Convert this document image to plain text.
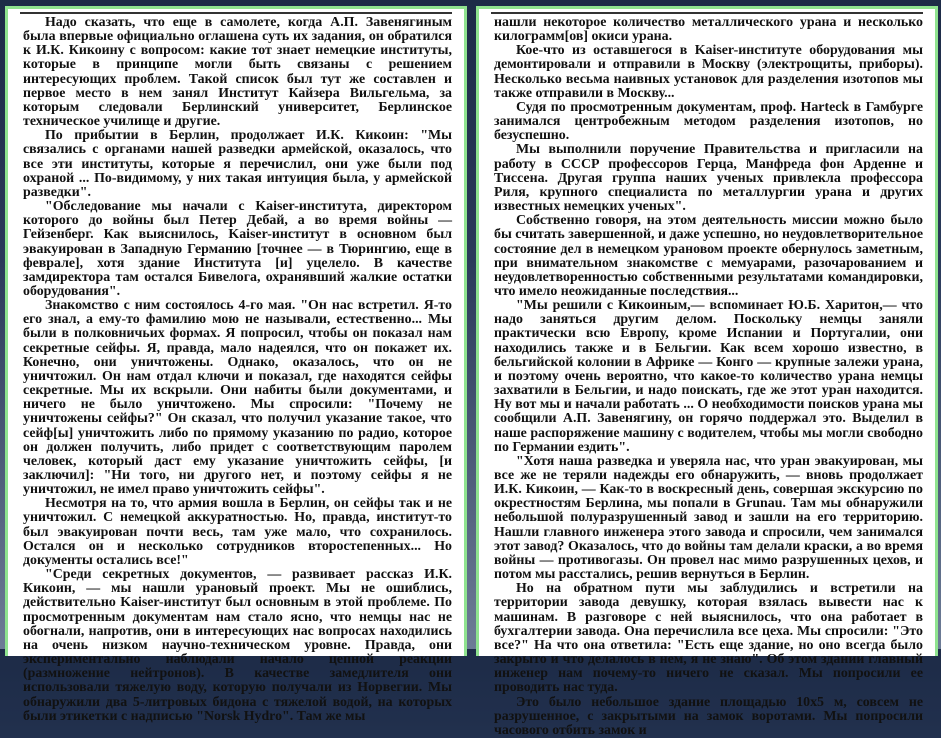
Надо сказать, что еще в самолете, когда А.П. Завенягиным была впервые официально оглашена суть их задания, он обратился к И.К. Кикоину с вопросом: какие тот знает немецкие институты, которые в принципе могли быть связаны с решением интересующих проблем. Такой список был тут же составлен и первое место в нем занял Институт Кайзера Вильгельма, за которым следовали Берлинский университет, Берлинское техническое училище и другие.

По прибытии в Берлин, продолжает И.К. Кикоин: "Мы связались с органами нашей разведки армейской, оказалось, что все эти институты, которые я перечислил, они уже были под охраной ... По-видимому, у них такая интуиция была, у армейской разведки".

"Обследование мы начали с Kaiser-института, директором которого до войны был Петер Дебай, а во время войны — Гейзенберг. Как выяснилось, Kaiser-институт в основном был эвакуирован в Западную Германию [точнее — в Тюрингию, еще в феврале], хотя здание Института [и] уцелело. В качестве замдиректора там остался Бивелога, охранявший жалкие остатки оборудования".

Знакомство с ним состоялось 4-го мая. "Он нас встретил. Я-то его знал, а ему-то фамилию мою не называли, естественно... Мы были в полковничьих формах. Я попросил, чтобы он показал нам секретные сейфы. Я, правда, мало надеялся, что он покажет их. Конечно, они уничтожены. Однако, оказалось, что он не уничтожил. Он нам отдал ключи и показал, где находятся сейфы секретные. Мы их вскрыли. Они набиты были документами, и ничего не было уничтожено. Мы спросили: "Почему не уничтожены сейфы?" Он сказал, что получил указание такое, что сейф[ы] уничтожить либо по прямому указанию по радио, которое он должен получить, либо придет с соответствующим паролем человек, который даст ему указание уничтожить сейфы, [и заключил]: "Ни того, ни другого нет, и поэтому сейфы я не уничтожил, не имел право уничтожить сейфы".

Несмотря на то, что армия вошла в Берлин, он сейфы так и не уничтожил. С немецкой аккуратностью. Но, правда, институт-то был эвакуирован почти весь, там уже мало, что сохранилось. Остался он и несколько сотрудников второстепенных... Но документы остались все!"

"Среди секретных документов, — развивает рассказ И.К. Кикоин, — мы нашли урановый проект. Мы не ошиблись, действительно Kaiser-институт был основным в этой проблеме. По просмотренным документам нам стало ясно, что немцы нас не обогнали, напротив, они в интересующих нас вопросах находились на очень низком научно-техническом уровне. Правда, они экспериментально наблюдали начало цепной реакции (размножение нейтронов). В качестве замедлителя они использовали тяжелую воду, которую получали из Норвегии. Мы обнаружили два 5-литровых бидона с тяжелой водой, на которых были этикетки с надписью "Norsk Hydro". Там же мы

нашли некоторое количество металлического урана и несколько килограмм[ов] окиси урана.

Кое-что из оставшегося в Kaiser-институте оборудования мы демонтировали и отправили в Москву (электрощиты, приборы). Несколько весьма наивных установок для разделения изотопов мы также отправили в Москву...

Судя по просмотренным документам, проф. Harteck в Гамбурге занимался центробежным методом разделения изотопов, но безуспешно.

Мы выполнили поручение Правительства и пригласили на работу в СССР профессоров Герца, Манфреда фон Арденне и Тиссена. Другая группа наших ученых привлекла профессора Риля, крупного специалиста по металлургии урана и других известных немецких ученых".

Собственно говоря, на этом деятельность миссии можно было бы считать завершенной, и даже успешно, но неудовлетворительное состояние дел в немецком урановом проекте обернулось заметным, при внимательном знакомстве с мемуарами, разочарованием и неудовлетворенностью собственными результатами командировки, что имело неожиданные последствия...

"Мы решили с Кикоиным,— вспоминает Ю.Б. Харитон,— что надо заняться другим делом. Поскольку немцы заняли практически всю Европу, кроме Испании и Португалии, они находились также и в Бельгии. Как всем хорошо известно, в бельгийской колонии в Африке — Конго — крупные залежи урана, и поэтому очень вероятно, что какое-то количество урана немцы захватили в Бельгии, и надо поискать, где же этот уран находится. Ну вот мы и начали работать ... О необходимости поисков урана мы сообщили А.П. Завенягину, он горячо поддержал это. Выделил в наше распоряжение машину с водителем, чтобы мы могли свободно по Германии ездить".

"Хотя наша разведка и уверяла нас, что уран эвакуирован, мы все же не теряли надежды его обнаружить, — вновь продолжает И.К. Кикоин, — Как-то в воскресный день, совершая экскурсию по окрестностям Берлина, мы попали в Grunau. Там мы обнаружили небольшой полуразрушенный завод и зашли на его территорию. Нашли главного инженера этого завода и спросили, чем занимался этот завод? Оказалось, что до войны там делали краски, а во время войны — противогазы. Он провел нас мимо разрушенных цехов, и потом мы расстались, решив вернуться в Берлин.

Но на обратном пути мы заблудились и встретили на территории завода девушку, которая взялась вывести нас к машинам. В разговоре с ней выяснилось, что она работает в бухгалтерии завода. Она перечислила все цеха. Мы спросили: "Это все?" На что она ответила: "Есть еще здание, но оно всегда было закрыто и что делалось в нем, я не знаю". Об этом здании главный инженер нам почему-то ничего не сказал. Мы попросили ее проводить нас туда.

Это было небольшое здание площадью 10x5 м, совсем не разрушенное, с закрытыми на замок воротами. Мы попросили часового отбить замок и
